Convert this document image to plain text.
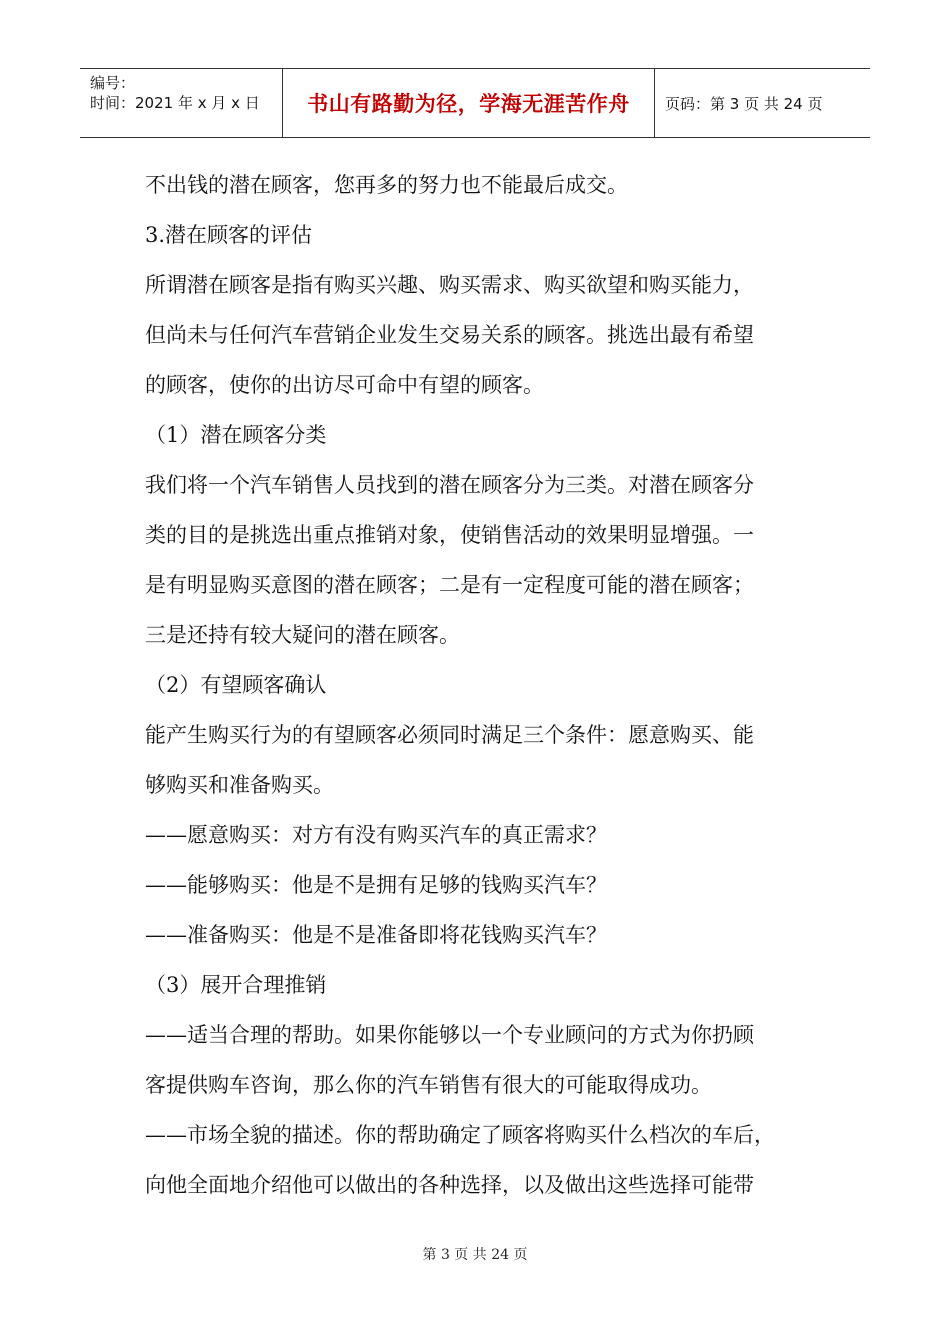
编号：
时间：2021 年 x 月 x 日	书山有路勤为径，学海无涯苦作舟 页码：第 3 页 共 24 页
不出钱的潜在顾客，您再多的努力也不能最后成交。
3.潜在顾客的评估
所谓潜在顾客是指有购买兴趣、购买需求、购买欲望和购买能力，
但尚未与任何汽车营销企业发生交易关系的顾客。挑选出最有希望
的顾客，使你的出访尽可命中有望的顾客。
（1）潜在顾客分类
我们将一个汽车销售人员找到的潜在顾客分为三类。对潜在顾客分
类的目的是挑选出重点推销对象，使销售活动的效果明显增强。一
是有明显购买意图的潜在顾客；二是有一定程度可能的潜在顾客；
三是还持有较大疑问的潜在顾客。
（2）有望顾客确认
能产生购买行为的有望顾客必须同时满足三个条件：愿意购买、能
够购买和准备购买。
——愿意购买：对方有没有购买汽车的真正需求？
——能够购买：他是不是拥有足够的钱购买汽车？
——准备购买：他是不是准备即将花钱购买汽车？
（3）展开合理推销
——适当合理的帮助。如果你能够以一个专业顾问的方式为你扔顾
客提供购车咨询，那么你的汽车销售有很大的可能取得成功。
——市场全貌的描述。你的帮助确定了顾客将购买什么档次的车后，
向他全面地介绍他可以做出的各种选择，以及做出这些选择可能带
第 3 页 共 24 页
